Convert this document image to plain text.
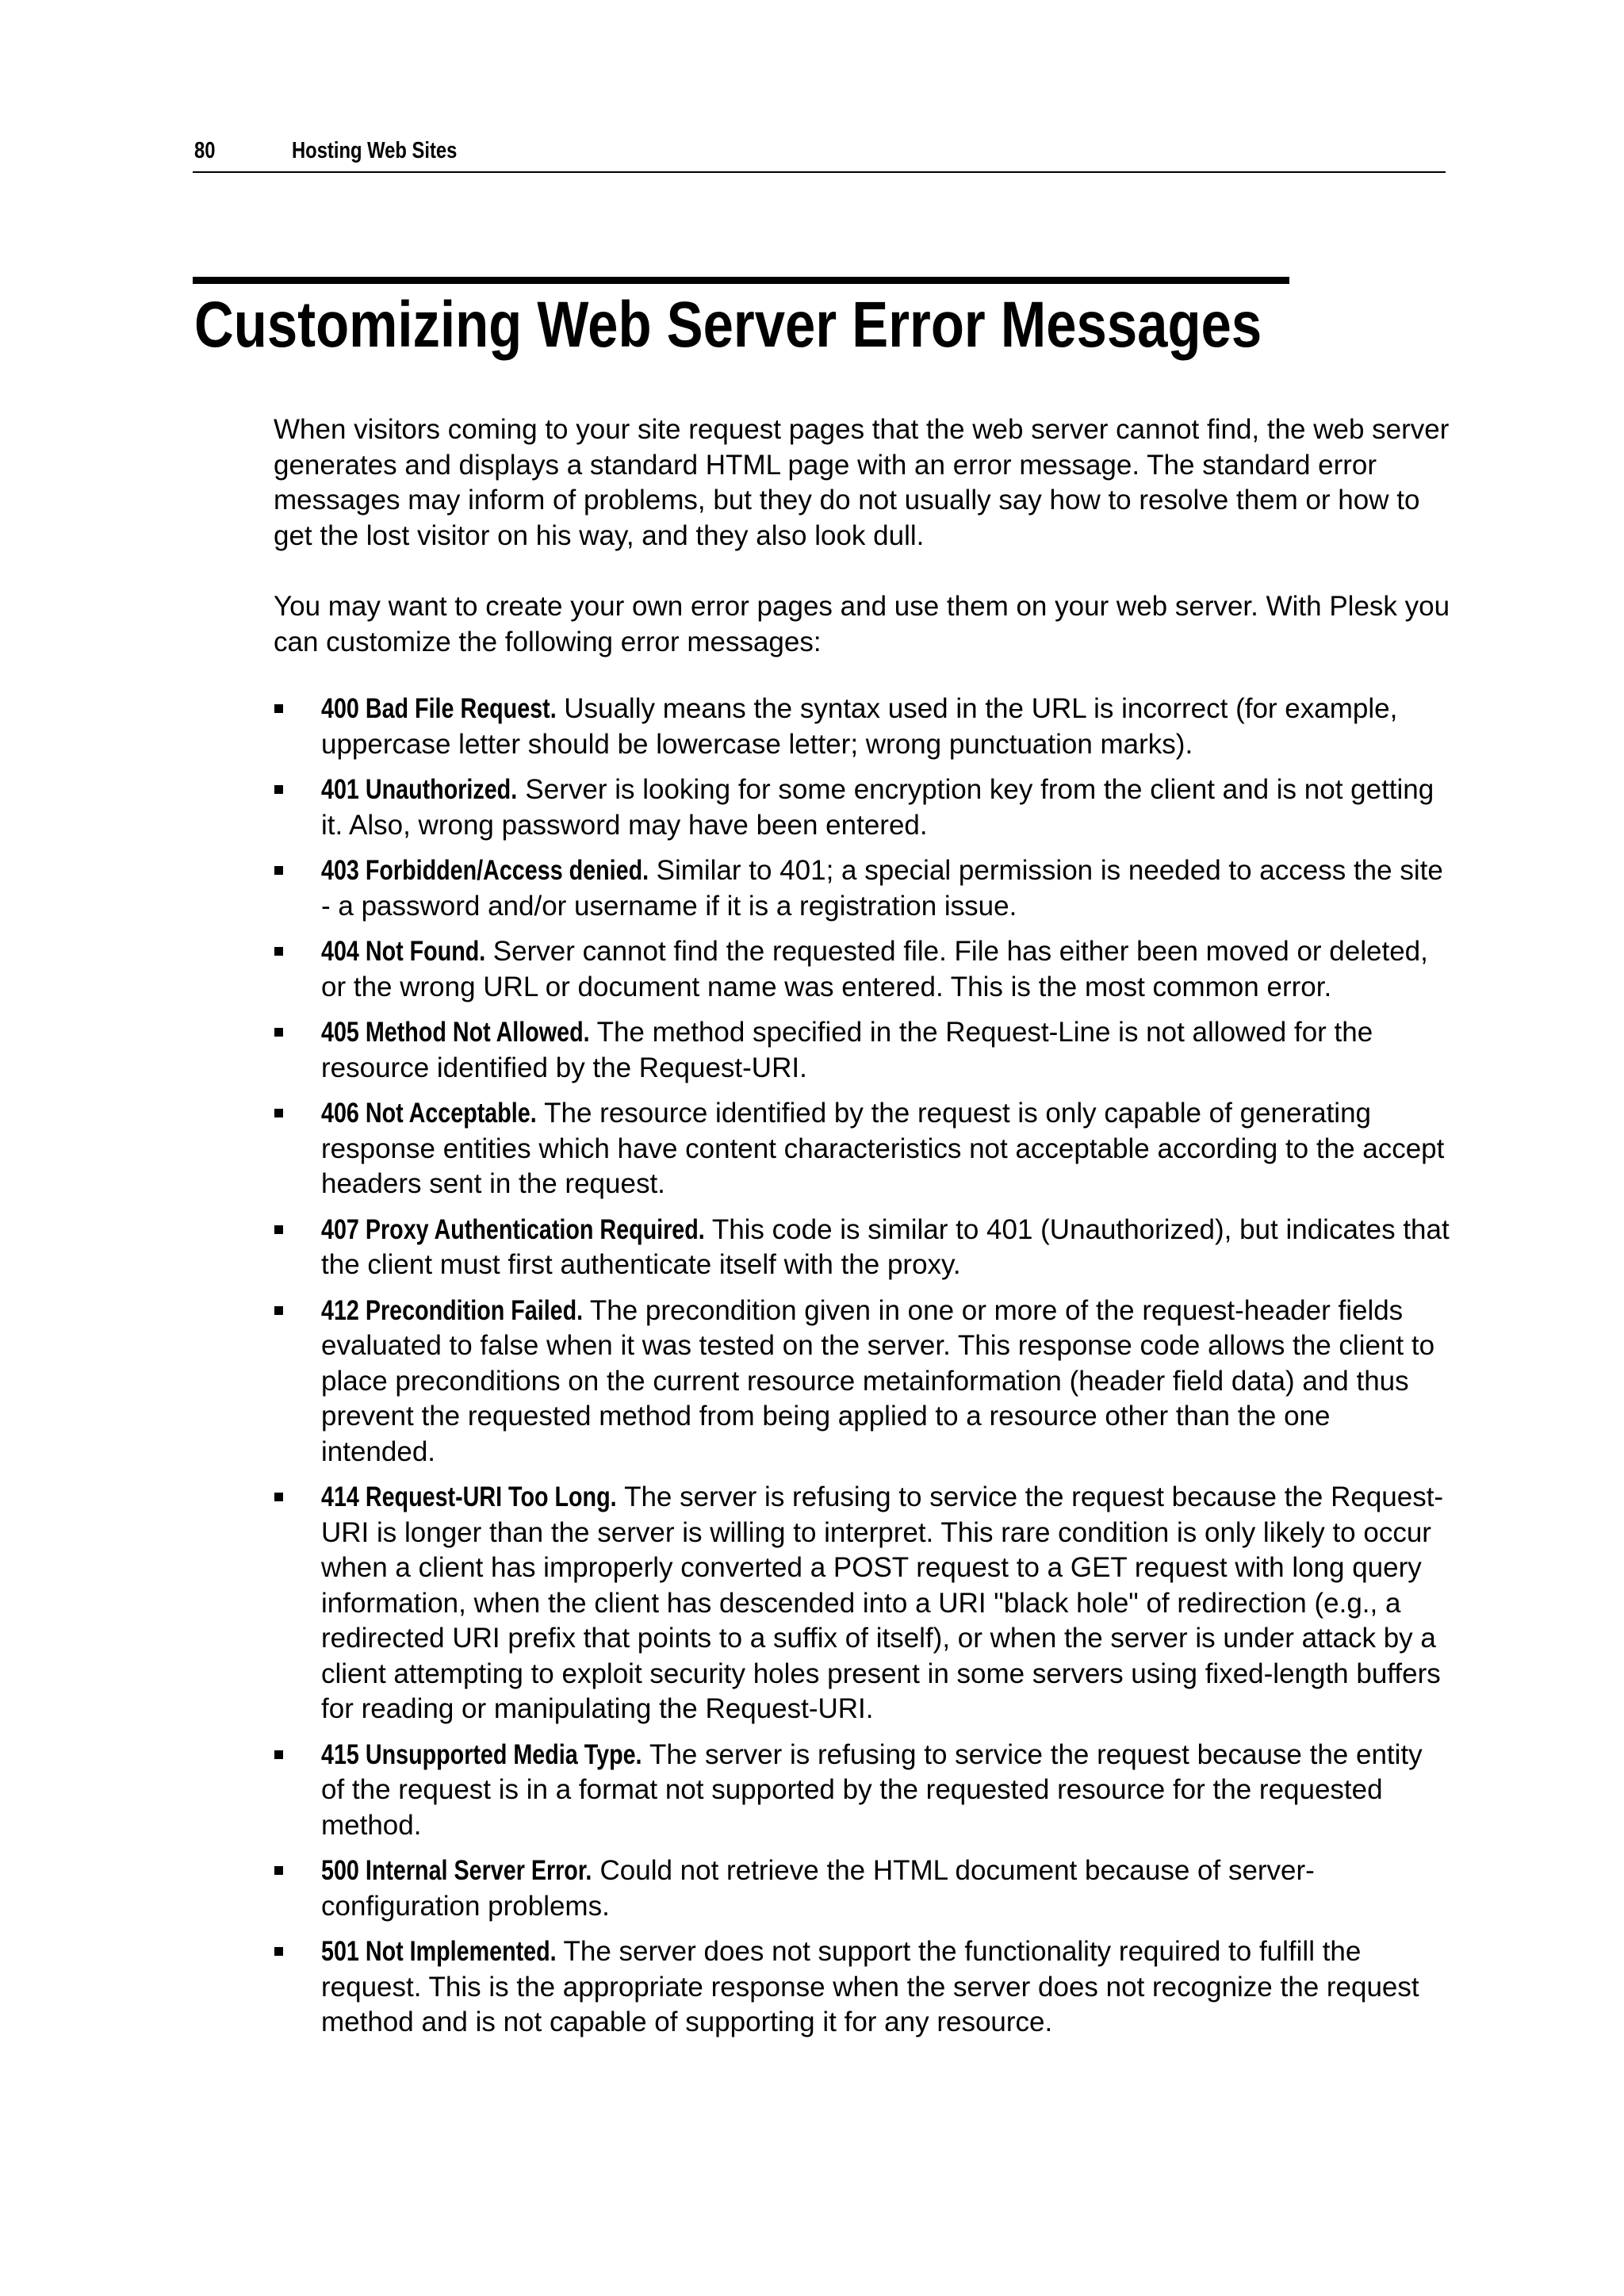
80	Hosting Web Sites
Customizing Web Server Error Messages

When visitors coming to your site request pages that the web server cannot find, the web server generates and displays a standard HTML page with an error message. The standard error messages may inform of problems, but they do not usually say how to resolve them or how to get the lost visitor on his way, and they also look dull.

You may want to create your own error pages and use them on your web server. With Plesk you can customize the following error messages:

400 Bad File Request. Usually means the syntax used in the URL is incorrect (for example, uppercase letter should be lowercase letter; wrong punctuation marks).
401 Unauthorized. Server is looking for some encryption key from the client and is not getting it. Also, wrong password may have been entered.
403 Forbidden/Access denied. Similar to 401; a special permission is needed to access the site - a password and/or username if it is a registration issue.
404 Not Found. Server cannot find the requested file. File has either been moved or deleted, or the wrong URL or document name was entered. This is the most common error.
405 Method Not Allowed. The method specified in the Request-Line is not allowed for the resource identified by the Request-URI.
406 Not Acceptable. The resource identified by the request is only capable of generating response entities which have content characteristics not acceptable according to the accept headers sent in the request.
407 Proxy Authentication Required. This code is similar to 401 (Unauthorized), but indicates that the client must first authenticate itself with the proxy.
412 Precondition Failed. The precondition given in one or more of the request-header fields evaluated to false when it was tested on the server. This response code allows the client to place preconditions on the current resource metainformation (header field data) and thus prevent the requested method from being applied to a resource other than the one intended.
414 Request-URI Too Long. The server is refusing to service the request because the Request-URI is longer than the server is willing to interpret. This rare condition is only likely to occur when a client has improperly converted a POST request to a GET request with long query information, when the client has descended into a URI "black hole" of redirection (e.g., a redirected URI prefix that points to a suffix of itself), or when the server is under attack by a client attempting to exploit security holes present in some servers using fixed-length buffers for reading or manipulating the Request-URI.
415 Unsupported Media Type. The server is refusing to service the request because the entity of the request is in a format not supported by the requested resource for the requested method.
500 Internal Server Error. Could not retrieve the HTML document because of server-configuration problems.
501 Not Implemented. The server does not support the functionality required to fulfill the request. This is the appropriate response when the server does not recognize the request method and is not capable of supporting it for any resource.
